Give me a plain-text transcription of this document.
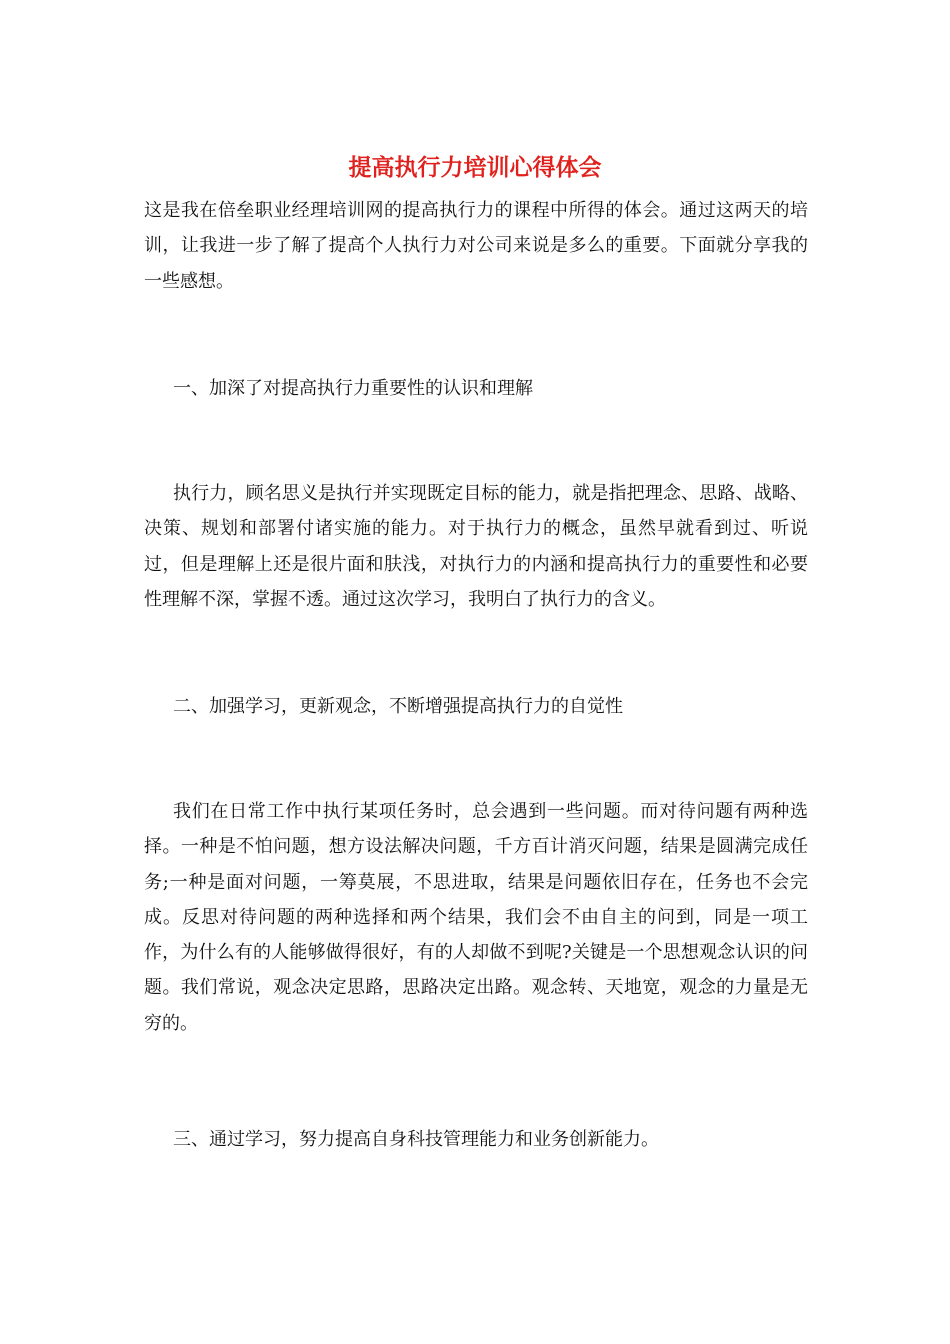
提高执行力培训心得体会

这是我在倍垒职业经理培训网的提高执行力的课程中所得的体会。通过这两天的培训，让我进一步了解了提高个人执行力对公司来说是多么的重要。下面就分享我的一些感想。

一、加深了对提高执行力重要性的认识和理解

执行力，顾名思义是执行并实现既定目标的能力，就是指把理念、思路、战略、决策、规划和部署付诸实施的能力。对于执行力的概念，虽然早就看到过、听说过，但是理解上还是很片面和肤浅，对执行力的内涵和提高执行力的重要性和必要性理解不深，掌握不透。通过这次学习，我明白了执行力的含义。

二、加强学习，更新观念，不断增强提高执行力的自觉性

我们在日常工作中执行某项任务时，总会遇到一些问题。而对待问题有两种选择。一种是不怕问题，想方设法解决问题，千方百计消灭问题，结果是圆满完成任务;一种是面对问题，一筹莫展，不思进取，结果是问题依旧存在，任务也不会完成。反思对待问题的两种选择和两个结果，我们会不由自主的问到，同是一项工作，为什么有的人能够做得很好，有的人却做不到呢?关键是一个思想观念认识的问题。我们常说，观念决定思路，思路决定出路。观念转、天地宽，观念的力量是无穷的。

三、通过学习，努力提高自身科技管理能力和业务创新能力。
